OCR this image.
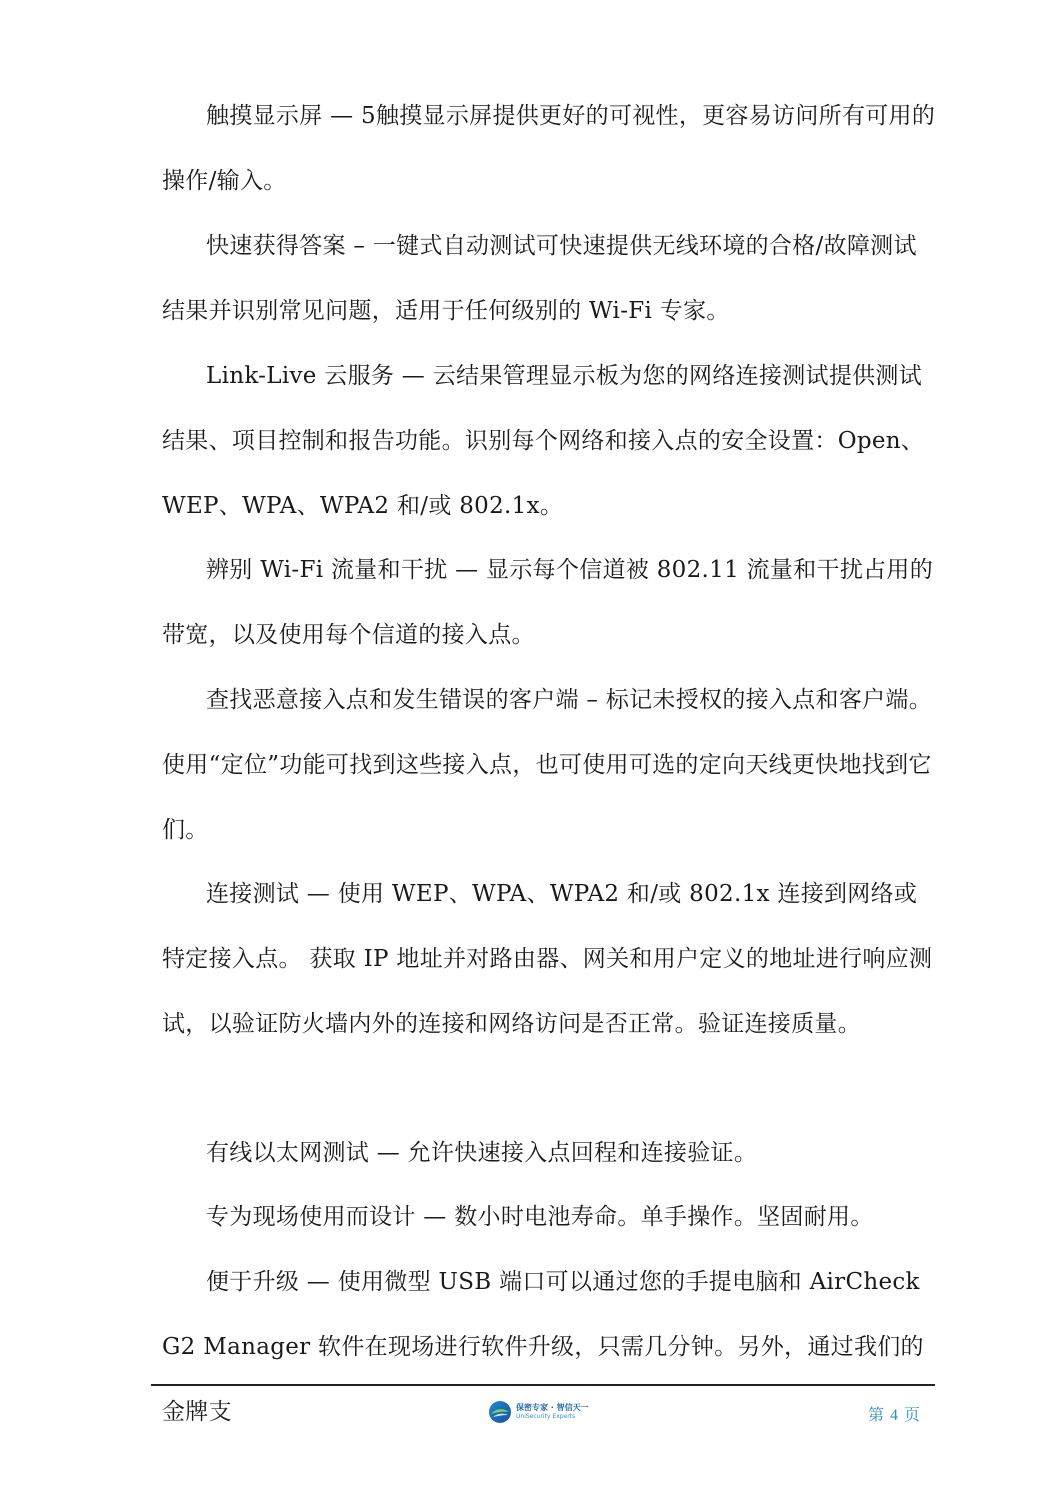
触摸显示屏 — 5触摸显示屏提供更好的可视性，更容易访问所有可用的操作/输入。

快速获得答案 – 一键式自动测试可快速提供无线环境的合格/故障测试结果并识别常见问题，适用于任何级别的 Wi-Fi 专家。

Link-Live 云服务 — 云结果管理显示板为您的网络连接测试提供测试结果、项目控制和报告功能。识别每个网络和接入点的安全设置：Open、WEP、WPA、WPA2 和/或 802.1x。

辨别 Wi-Fi 流量和干扰 — 显示每个信道被 802.11 流量和干扰占用的带宽，以及使用每个信道的接入点。

查找恶意接入点和发生错误的客户端 – 标记未授权的接入点和客户端。使用“定位”功能可找到这些接入点，也可使用可选的定向天线更快地找到它们。

连接测试 — 使用 WEP、WPA、WPA2 和/或 802.1x 连接到网络或特定接入点。 获取 IP 地址并对路由器、网关和用户定义的地址进行响应测试，以验证防火墙内外的连接和网络访问是否正常。验证连接质量。

有线以太网测试 — 允许快速接入点回程和连接验证。

专为现场使用而设计 — 数小时电池寿命。单手操作。坚固耐用。

便于升级 — 使用微型 USB 端口可以通过您的手提电脑和 AirCheck G2 Manager 软件在现场进行软件升级，只需几分钟。另外，通过我们的金牌支	保密专家 · 智信天一
UniSecurity Experts	第 4 页
